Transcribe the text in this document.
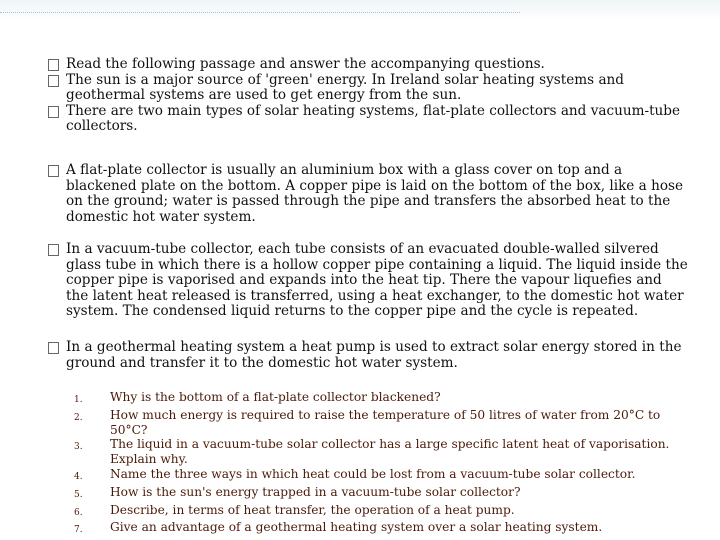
Read the following passage and answer the accompanying questions.
The sun is a major source of 'green' energy. In Ireland solar heating systems and geothermal systems are used to get energy from the sun.
There are two main types of solar heating systems, flat-plate collectors and vacuum-tube collectors.
A flat-plate collector is usually an aluminium box with a glass cover on top and a blackened plate on the bottom. A copper pipe is laid on the bottom of the box, like a hose on the ground; water is passed through the pipe and transfers the absorbed heat to the domestic hot water system.
In a vacuum-tube collector, each tube consists of an evacuated double-walled silvered glass tube in which there is a hollow copper pipe containing a liquid. The liquid inside the copper pipe is vaporised and expands into the heat tip. There the vapour liquefies and the latent heat released is transferred, using a heat exchanger, to the domestic hot water system. The condensed liquid returns to the copper pipe and the cycle is repeated.
In a geothermal heating system a heat pump is used to extract solar energy stored in the ground and transfer it to the domestic hot water system.
1.	Why is the bottom of a flat-plate collector blackened?
2.	How much energy is required to raise the temperature of 50 litres of water from 20°C to 50°C?
3.	The liquid in a vacuum-tube solar collector has a large specific latent heat of vaporisation. Explain why.
4.	Name the three ways in which heat could be lost from a vacuum-tube solar collector.
5.	How is the sun's energy trapped in a vacuum-tube solar collector?
6.	Describe, in terms of heat transfer, the operation of a heat pump.
7.	Give an advantage of a geothermal heating system over a solar heating system.
